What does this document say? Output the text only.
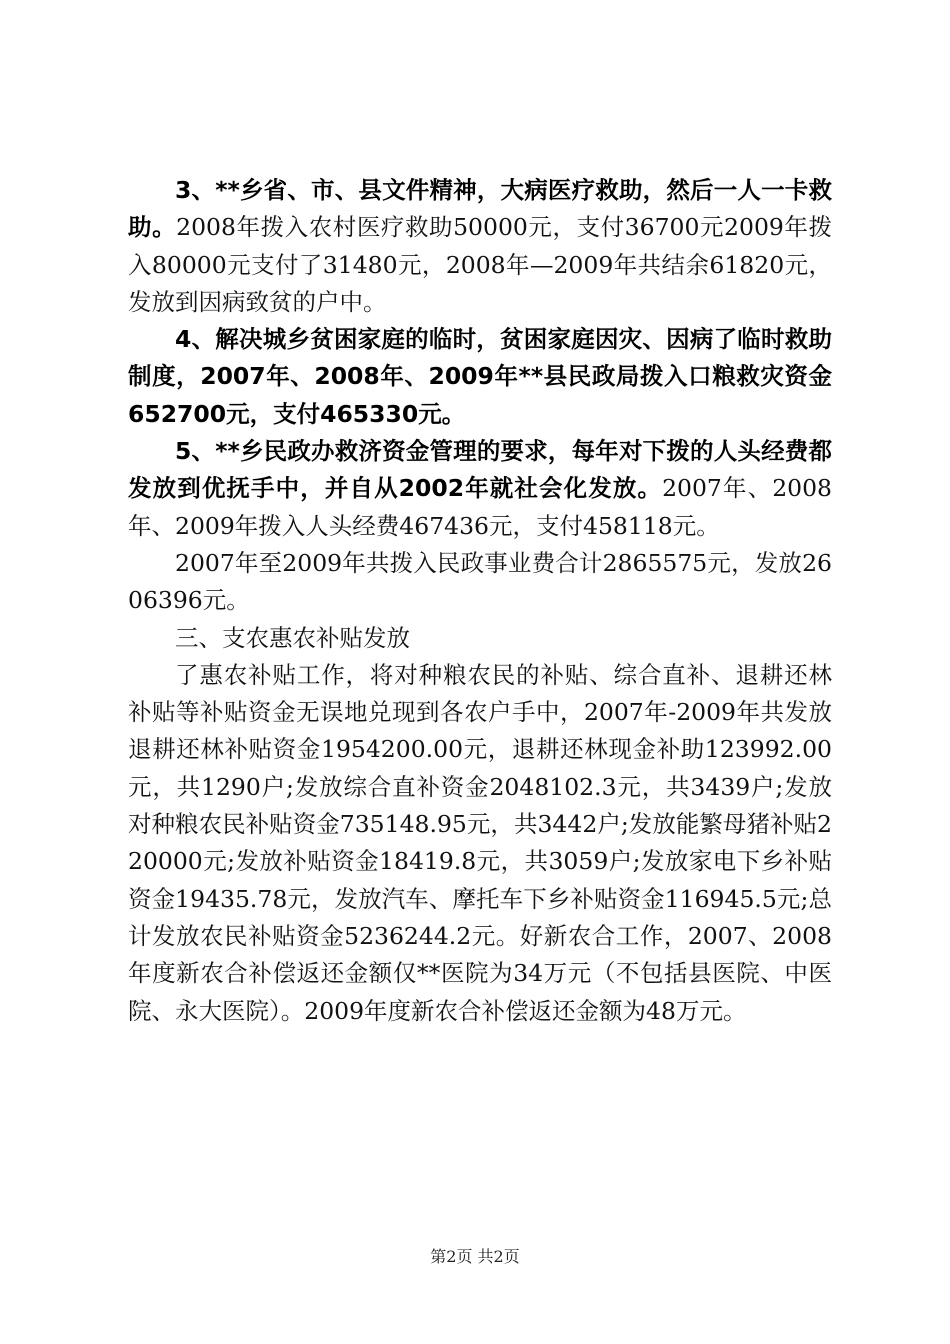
3、**乡省、市、县文件精神，大病医疗救助，然后一人一卡救助。2008年拨入农村医疗救助50000元，支付36700元2009年拨入80000元支付了31480元，2008年—2009年共结余61820元，发放到因病致贫的户中。

4、解决城乡贫困家庭的临时，贫困家庭因灾、因病了临时救助制度，2007年、2008年、2009年**县民政局拨入口粮救灾资金652700元，支付465330元。

5、**乡民政办救济资金管理的要求，每年对下拨的人头经费都发放到优抚手中，并自从2002年就社会化发放。2007年、2008年、2009年拨入人头经费467436元，支付458118元。

2007年至2009年共拨入民政事业费合计2865575元，发放2606396元。

三、支农惠农补贴发放

了惠农补贴工作，将对种粮农民的补贴、综合直补、退耕还林补贴等补贴资金无误地兑现到各农户手中，2007年-2009年共发放退耕还林补贴资金1954200.00元，退耕还林现金补助123992.00元，共1290户;发放综合直补资金2048102.3元，共3439户;发放对种粮农民补贴资金735148.95元，共3442户;发放能繁母猪补贴220000元;发放补贴资金18419.8元，共3059户;发放家电下乡补贴资金19435.78元，发放汽车、摩托车下乡补贴资金116945.5元;总计发放农民补贴资金5236244.2元。好新农合工作，2007、2008年度新农合补偿返还金额仅**医院为34万元（不包括县医院、中医院、永大医院）。2009年度新农合补偿返还金额为48万元。

第2页 共2页
